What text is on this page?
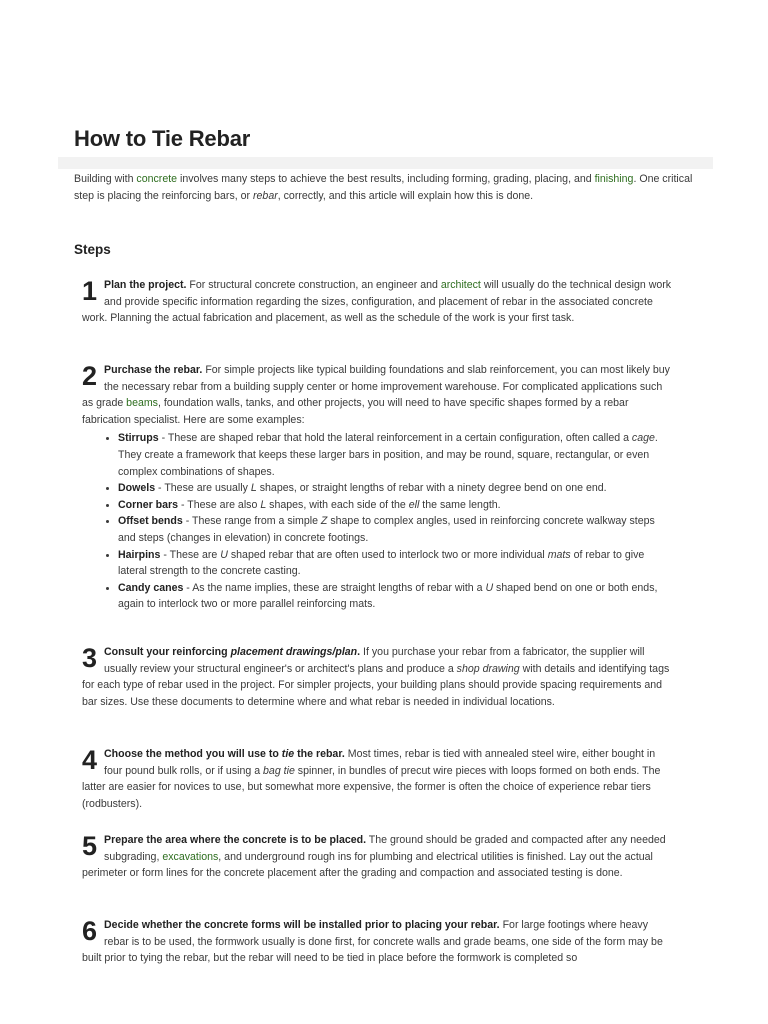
How to Tie Rebar

Building with concrete involves many steps to achieve the best results, including forming, grading, placing, and finishing. One critical step is placing the reinforcing bars, or rebar, correctly, and this article will explain how this is done.

Steps
1 Plan the project. For structural concrete construction, an engineer and architect will usually do the technical design work and provide specific information regarding the sizes, configuration, and placement of rebar in the associated concrete work. Planning the actual fabrication and placement, as well as the schedule of the work is your first task.

2 Purchase the rebar. For simple projects like typical building foundations and slab reinforcement, you can most likely buy the necessary rebar from a building supply center or home improvement warehouse. For complicated applications such as grade beams, foundation walls, tanks, and other projects, you will need to have specific shapes formed by a rebar fabrication specialist. Here are some examples:

• Stirrups - These are shaped rebar that hold the lateral reinforcement in a certain configuration, often called a cage. They create a framework that keeps these larger bars in position, and may be round, square, rectangular, or even complex combinations of shapes.
• Dowels - These are usually L shapes, or straight lengths of rebar with a ninety degree bend on one end.
• Corner bars - These are also L shapes, with each side of the ell the same length.
• Offset bends - These range from a simple Z shape to complex angles, used in reinforcing concrete walkway steps and steps (changes in elevation) in concrete footings.
• Hairpins - These are U shaped rebar that are often used to interlock two or more individual mats of rebar to give lateral strength to the concrete casting.
• Candy canes - As the name implies, these are straight lengths of rebar with a U shaped bend on one or both ends, again to interlock two or more parallel reinforcing mats.
3 Consult your reinforcing placement drawings/plan. If you purchase your rebar from a fabricator, the supplier will usually review your structural engineer's or architect's plans and produce a shop drawing with details and identifying tags for each type of rebar used in the project. For simpler projects, your building plans should provide spacing requirements and bar sizes. Use these documents to determine where and what rebar is needed in individual locations.

4 Choose the method you will use to tie the rebar. Most times, rebar is tied with annealed steel wire, either bought in four pound bulk rolls, or if using a bag tie spinner, in bundles of precut wire pieces with loops formed on both ends. The latter are easier for novices to use, but somewhat more expensive, the former is often the choice of experience rebar tiers (rodbusters).

5 Prepare the area where the concrete is to be placed. The ground should be graded and compacted after any needed subgrading, excavations, and underground rough ins for plumbing and electrical utilities is finished. Lay out the actual perimeter or form lines for the concrete placement after the grading and compaction and associated testing is done.

6 Decide whether the concrete forms will be installed prior to placing your rebar. For large footings where heavy rebar is to be used, the formwork usually is done first, for concrete walls and grade beams, one side of the form may be built prior to tying the rebar, but the rebar will need to be tied in place before the formwork is completed so
